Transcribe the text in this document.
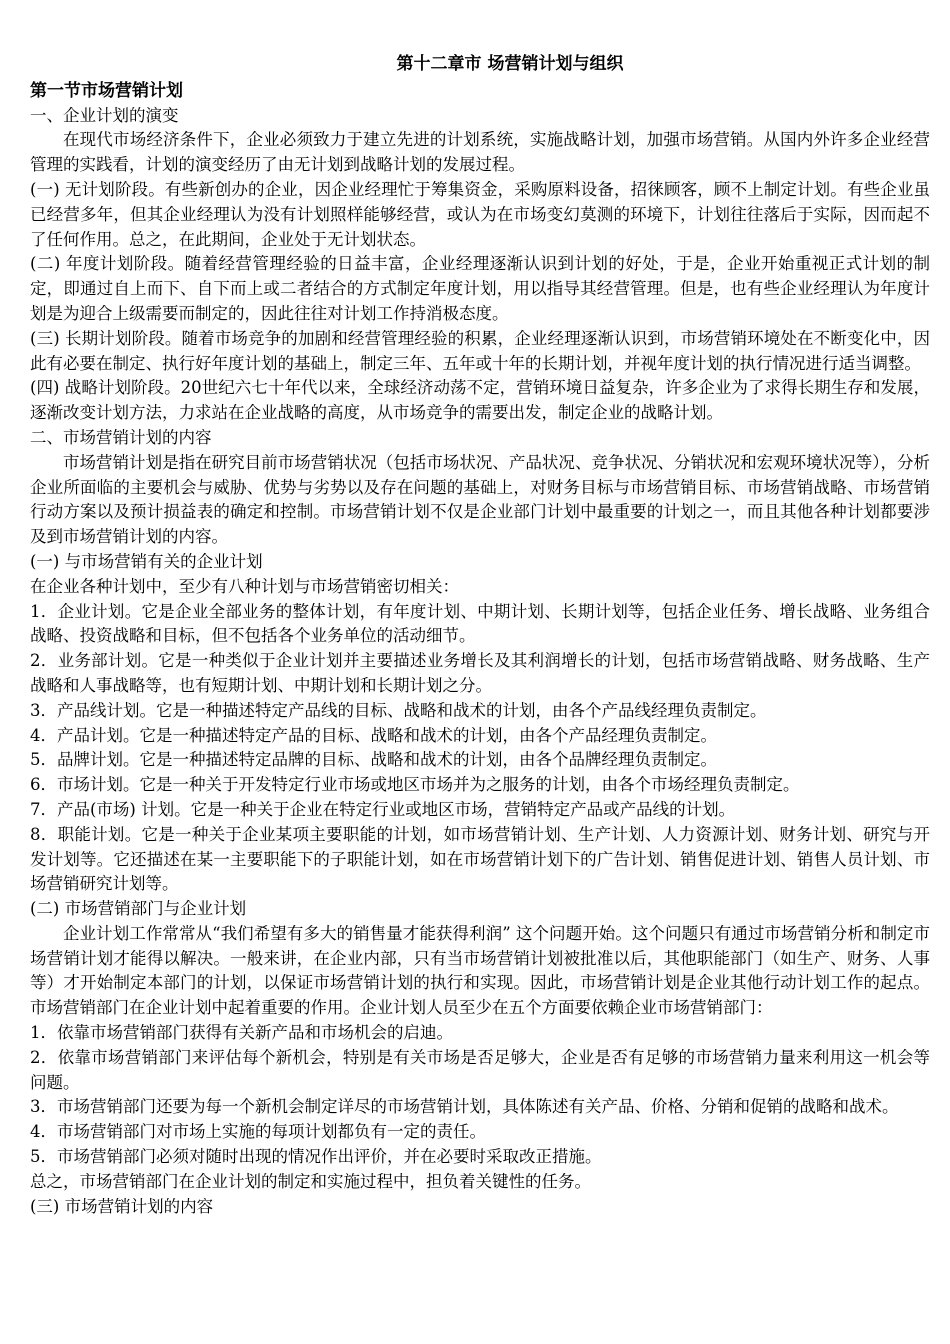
第十二章市 场营销计划与组织
第一节市场营销计划

一、企业计划的演变

在现代市场经济条件下，企业必须致力于建立先进的计划系统，实施战略计划，加强市场营销。从国内外许多企业经营管理的实践看，计划的演变经历了由无计划到战略计划的发展过程。

(一) 无计划阶段。有些新创办的企业，因企业经理忙于筹集资金，采购原料设备，招徕顾客，顾不上制定计划。有些企业虽已经营多年，但其企业经理认为没有计划照样能够经营，或认为在市场变幻莫测的环境下，计划往往落后于实际，因而起不了任何作用。总之，在此期间，企业处于无计划状态。

(二) 年度计划阶段。随着经营管理经验的日益丰富，企业经理逐渐认识到计划的好处，于是，企业开始重视正式计划的制定，即通过自上而下、自下而上或二者结合的方式制定年度计划，用以指导其经营管理。但是，也有些企业经理认为年度计划是为迎合上级需要而制定的，因此往往对计划工作持消极态度。

(三) 长期计划阶段。随着市场竞争的加剧和经营管理经验的积累，企业经理逐渐认识到，市场营销环境处在不断变化中，因此有必要在制定、执行好年度计划的基础上，制定三年、五年或十年的长期计划，并视年度计划的执行情况进行适当调整。

(四) 战略计划阶段。20世纪六七十年代以来，全球经济动荡不定，营销环境日益复杂，许多企业为了求得长期生存和发展，逐渐改变计划方法，力求站在企业战略的高度，从市场竞争的需要出发，制定企业的战略计划。

二、市场营销计划的内容

市场营销计划是指在研究目前市场营销状况（包括市场状况、产品状况、竞争状况、分销状况和宏观环境状况等），分析企业所面临的主要机会与威胁、优势与劣势以及存在问题的基础上，对财务目标与市场营销目标、市场营销战略、市场营销行动方案以及预计损益表的确定和控制。市场营销计划不仅是企业部门计划中最重要的计划之一，而且其他各种计划都要涉及到市场营销计划的内容。

(一) 与市场营销有关的企业计划

在企业各种计划中，至少有八种计划与市场营销密切相关：

1．企业计划。它是企业全部业务的整体计划，有年度计划、中期计划、长期计划等，包括企业任务、增长战略、业务组合战略、投资战略和目标，但不包括各个业务单位的活动细节。

2．业务部计划。它是一种类似于企业计划并主要描述业务增长及其利润增长的计划，包括市场营销战略、财务战略、生产战略和人事战略等，也有短期计划、中期计划和长期计划之分。

3．产品线计划。它是一种描述特定产品线的目标、战略和战术的计划，由各个产品线经理负责制定。

4．产品计划。它是一种描述特定产品的目标、战略和战术的计划，由各个产品经理负责制定。

5．品牌计划。它是一种描述特定品牌的目标、战略和战术的计划，由各个品牌经理负责制定。

6．市场计划。它是一种关于开发特定行业市场或地区市场并为之服务的计划，由各个市场经理负责制定。

7．产品(市场) 计划。它是一种关于企业在特定行业或地区市场，营销特定产品或产品线的计划。

8．职能计划。它是一种关于企业某项主要职能的计划，如市场营销计划、生产计划、人力资源计划、财务计划、研究与开发计划等。它还描述在某一主要职能下的子职能计划，如在市场营销计划下的广告计划、销售促进计划、销售人员计划、市场营销研究计划等。

(二) 市场营销部门与企业计划

企业计划工作常常从“我们希望有多大的销售量才能获得利润” 这个问题开始。这个问题只有通过市场营销分析和制定市场营销计划才能得以解决。一般来讲，在企业内部，只有当市场营销计划被批准以后，其他职能部门（如生产、财务、人事等）才开始制定本部门的计划，以保证市场营销计划的执行和实现。因此，市场营销计划是企业其他行动计划工作的起点。市场营销部门在企业计划中起着重要的作用。企业计划人员至少在五个方面要依赖企业市场营销部门：

1．依靠市场营销部门获得有关新产品和市场机会的启迪。

2．依靠市场营销部门来评估每个新机会，特别是有关市场是否足够大，企业是否有足够的市场营销力量来利用这一机会等问题。

3．市场营销部门还要为每一个新机会制定详尽的市场营销计划，具体陈述有关产品、价格、分销和促销的战略和战术。

4．市场营销部门对市场上实施的每项计划都负有一定的责任。

5．市场营销部门必须对随时出现的情况作出评价，并在必要时采取改正措施。

总之，市场营销部门在企业计划的制定和实施过程中，担负着关键性的任务。

(三) 市场营销计划的内容
